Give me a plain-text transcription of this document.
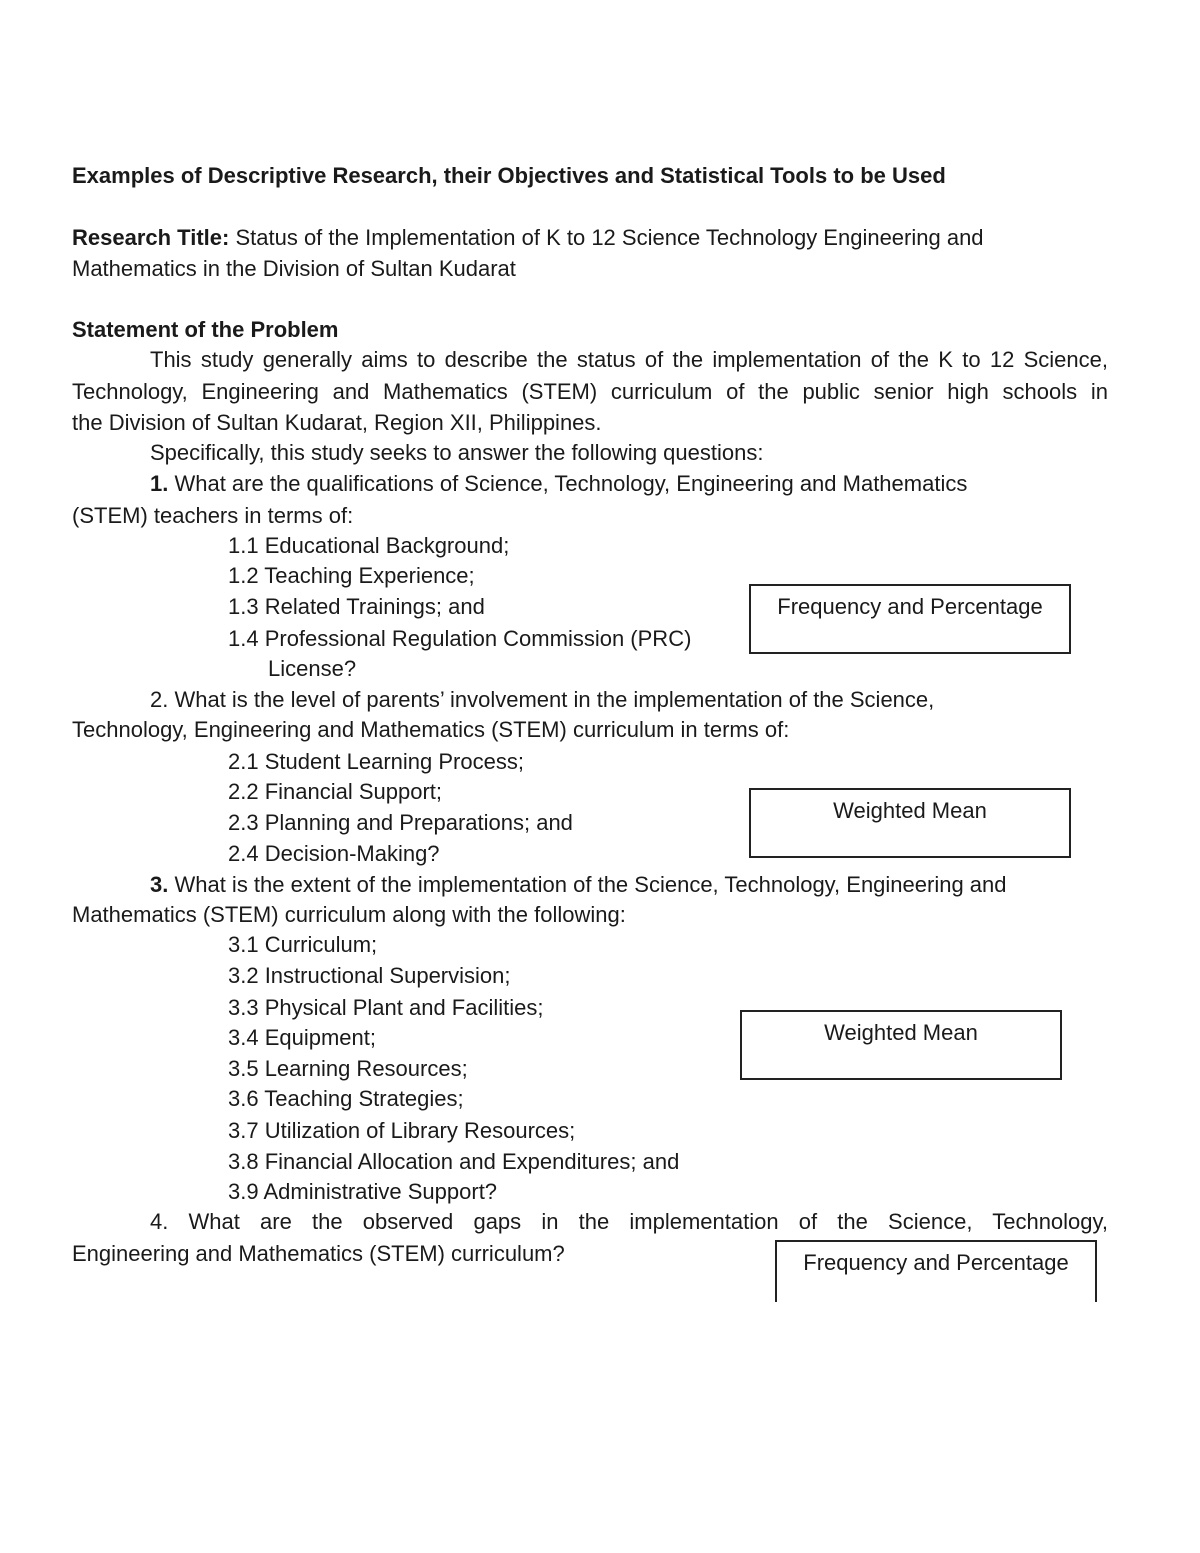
Examples of Descriptive Research, their Objectives and Statistical Tools to be Used
Research Title: Status of the Implementation of K to 12 Science Technology Engineering and
Mathematics in the Division of Sultan Kudarat
Statement of the Problem
This study generally aims to describe the status of the implementation of the K to 12 Science,
Technology, Engineering and Mathematics (STEM) curriculum of the public senior high schools in
the Division of Sultan Kudarat, Region XII, Philippines.
Specifically, this study seeks to answer the following questions:
1. What are the qualifications of Science, Technology, Engineering and Mathematics
(STEM) teachers in terms of:
1.1 Educational Background;
1.2 Teaching Experience;
1.3 Related Trainings; and
1.4 Professional Regulation Commission (PRC)
License?
Frequency and Percentage
2. What is the level of parents’ involvement in the implementation of the Science,
Technology, Engineering and Mathematics (STEM) curriculum in terms of:
2.1 Student Learning Process;
2.2 Financial Support;
2.3 Planning and Preparations; and
2.4 Decision-Making?
Weighted Mean
3. What is the extent of the implementation of the Science, Technology, Engineering and
Mathematics (STEM) curriculum along with the following:
3.1 Curriculum;
3.2 Instructional Supervision;
3.3 Physical Plant and Facilities;
3.4 Equipment;
3.5 Learning Resources;
3.6 Teaching Strategies;
3.7 Utilization of Library Resources;
3.8 Financial Allocation and Expenditures; and
3.9 Administrative Support?
Weighted Mean
4. What are the observed gaps in the implementation of the Science, Technology,
Engineering and Mathematics (STEM) curriculum?	Frequency and Percentage
